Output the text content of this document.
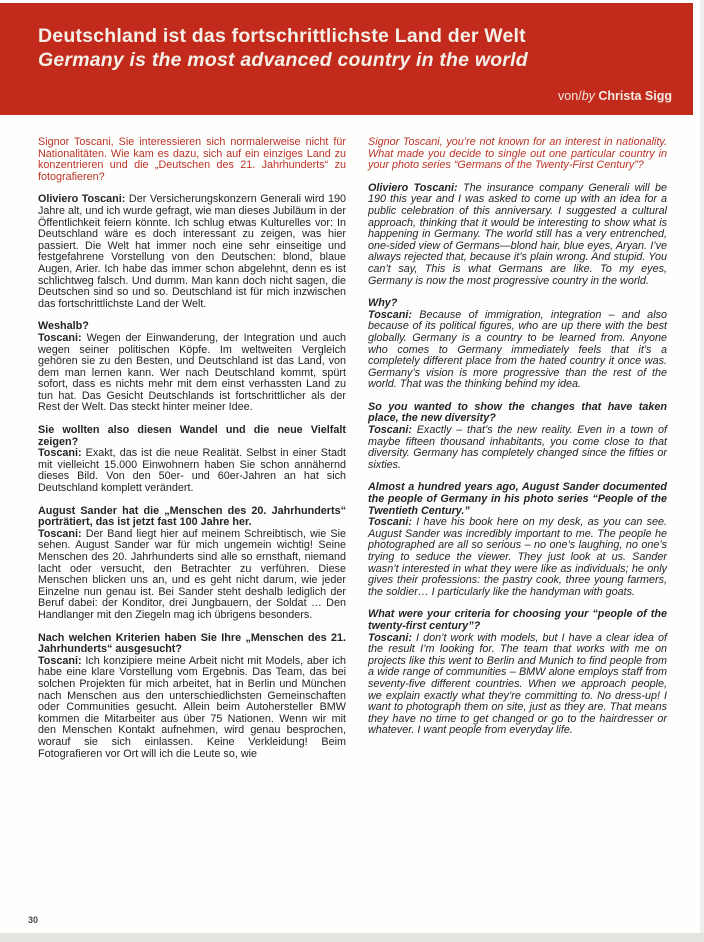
Deutschland ist das fortschrittlichste Land der Welt
Germany is the most advanced country in the world
von/by Christa Sigg

Signor Toscani, Sie interessieren sich normalerweise nicht für Nationalitäten. Wie kam es dazu, sich auf ein einziges Land zu konzentrieren und die „Deutschen des 21. Jahrhunderts“ zu fotografieren?

Oliviero Toscani: Der Versicherungskonzern Generali wird 190 Jahre alt, und ich wurde gefragt, wie man dieses Jubiläum in der Öffentlichkeit feiern könnte. Ich schlug etwas Kulturelles vor: In Deutschland wäre es doch interessant zu zeigen, was hier passiert. Die Welt hat immer noch eine sehr einseitige und festgefahrene Vorstellung von den Deutschen: blond, blaue Augen, Arier. Ich habe das immer schon abgelehnt, denn es ist schlichtweg falsch. Und dumm. Man kann doch nicht sagen, die Deutschen sind so und so. Deutschland ist für mich inzwischen das fortschrittlichste Land der Welt.

Weshalb?

Toscani: Wegen der Einwanderung, der Integration und auch wegen seiner politischen Köpfe. Im weltweiten Vergleich gehören sie zu den Besten, und Deutschland ist das Land, von dem man lernen kann. Wer nach Deutschland kommt, spürt sofort, dass es nichts mehr mit dem einst verhassten Land zu tun hat. Das Gesicht Deutschlands ist fortschrittlicher als der Rest der Welt. Das steckt hinter meiner Idee.

Sie wollten also diesen Wandel und die neue Vielfalt zeigen?

Toscani: Exakt, das ist die neue Realität. Selbst in einer Stadt mit vielleicht 15.000 Einwohnern haben Sie schon annähernd dieses Bild. Von den 50er- und 60er-Jahren an hat sich Deutschland komplett verändert.

August Sander hat die „Menschen des 20. Jahrhunderts“ porträtiert, das ist jetzt fast 100 Jahre her.

Toscani: Der Band liegt hier auf meinem Schreibtisch, wie Sie sehen. August Sander war für mich ungemein wichtig! Seine Menschen des 20. Jahrhunderts sind alle so ernsthaft, niemand lacht oder versucht, den Betrachter zu verführen. Diese Menschen blicken uns an, und es geht nicht darum, wie jeder Einzelne nun genau ist. Bei Sander steht deshalb lediglich der Beruf dabei: der Konditor, drei Jungbauern, der Soldat … Den Handlanger mit den Ziegeln mag ich übrigens besonders.

Nach welchen Kriterien haben Sie Ihre „Menschen des 21. Jahrhunderts“ ausgesucht?

Toscani: Ich konzipiere meine Arbeit nicht mit Models, aber ich habe eine klare Vorstellung vom Ergebnis. Das Team, das bei solchen Projekten für mich arbeitet, hat in Berlin und München nach Menschen aus den unterschiedlichsten Gemeinschaften oder Communities gesucht. Allein beim Autohersteller BMW kommen die Mitarbeiter aus über 75 Nationen. Wenn wir mit den Menschen Kontakt aufnehmen, wird genau besprochen, worauf sie sich einlassen. Keine Verkleidung! Beim Fotografieren vor Ort will ich die Leute so, wie

Signor Toscani, you’re not known for an interest in nationality. What made you decide to single out one particular country in your photo series “Germans of the Twenty-First Century”?

Oliviero Toscani: The insurance company Generali will be 190 this year and I was asked to come up with an idea for a public celebration of this anniversary. I suggested a cultural approach, thinking that it would be interesting to show what is happening in Germany. The world still has a very entrenched, one-sided view of Germans—blond hair, blue eyes, Aryan. I’ve always rejected that, because it’s plain wrong. And stupid. You can’t say, This is what Germans are like. To my eyes, Germany is now the most progressive country in the world.

Why?

Toscani: Because of immigration, integration – and also because of its political figures, who are up there with the best globally. Germany is a country to be learned from. Anyone who comes to Germany immediately feels that it’s a completely different place from the hated country it once was. Germany’s vision is more progressive than the rest of the world. That was the thinking behind my idea.

So you wanted to show the changes that have taken place, the new diversity?

Toscani: Exactly – that’s the new reality. Even in a town of maybe fifteen thousand inhabitants, you come close to that diversity. Germany has completely changed since the fifties or sixties.

Almost a hundred years ago, August Sander documented the people of Germany in his photo series “People of the Twentieth Century.”

Toscani: I have his book here on my desk, as you can see. August Sander was incredibly important to me. The people he photographed are all so serious – no one’s laughing, no one’s trying to seduce the viewer. They just look at us. Sander wasn’t interested in what they were like as individuals; he only gives their professions: the pastry cook, three young farmers, the soldier… I particularly like the handyman with goats.

What were your criteria for choosing your “people of the twenty-first century”?

Toscani: I don’t work with models, but I have a clear idea of the result I’m looking for. The team that works with me on projects like this went to Berlin and Munich to find people from a wide range of communities – BMW alone employs staff from seventy-five different countries. When we approach people, we explain exactly what they’re committing to. No dress-up! I want to photograph them on site, just as they are. That means they have no time to get changed or go to the hairdresser or whatever. I want people from everyday life.

30
